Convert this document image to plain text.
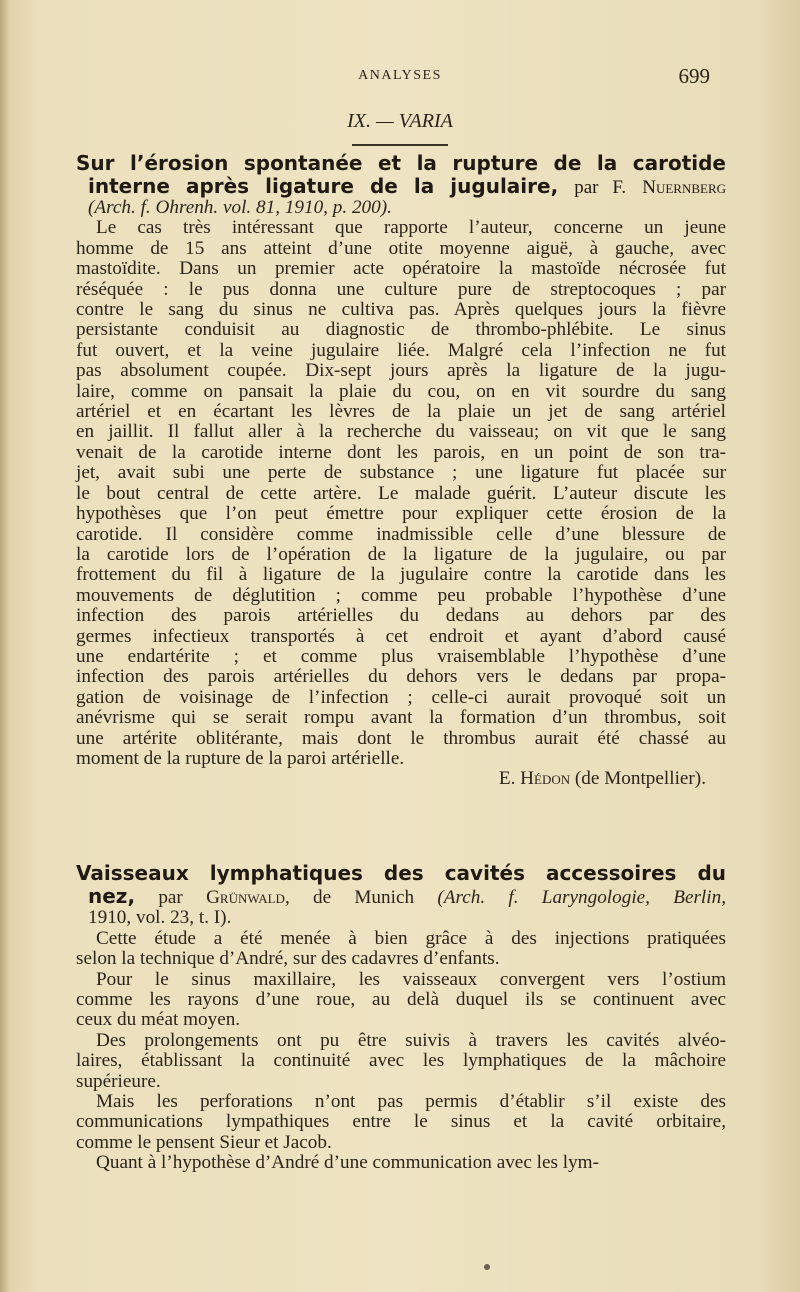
ANALYSES	699
IX. — VARIA
Sur l’érosion spontanée et la rupture de la carotide
interne après ligature de la jugulaire, par F. Nuernberg
(Arch. f. Ohrenh. vol. 81, 1910, p. 200).
Le cas très intéressant que rapporte l’auteur, concerne un jeune
homme de 15 ans atteint d’une otite moyenne aiguë, à gauche, avec
mastoïdite. Dans un premier acte opératoire la mastoïde nécrosée fut
réséquée : le pus donna une culture pure de streptocoques ; par
contre le sang du sinus ne cultiva pas. Après quelques jours la fièvre
persistante conduisit au diagnostic de thrombo-phlébite. Le sinus
fut ouvert, et la veine jugulaire liée. Malgré cela l’infection ne fut
pas absolument coupée. Dix-sept jours après la ligature de la jugu-
laire, comme on pansait la plaie du cou, on en vit sourdre du sang
artériel et en écartant les lèvres de la plaie un jet de sang artériel
en jaillit. Il fallut aller à la recherche du vaisseau; on vit que le sang
venait de la carotide interne dont les parois, en un point de son tra-
jet, avait subi une perte de substance ; une ligature fut placée sur
le bout central de cette artère. Le malade guérit. L’auteur discute les
hypothèses que l’on peut émettre pour expliquer cette érosion de la
carotide. Il considère comme inadmissible celle d’une blessure de
la carotide lors de l’opération de la ligature de la jugulaire, ou par
frottement du fil à ligature de la jugulaire contre la carotide dans les
mouvements de déglutition ; comme peu probable l’hypothèse d’une
infection des parois artérielles du dedans au dehors par des
germes infectieux transportés à cet endroit et ayant d’abord causé
une endartérite ; et comme plus vraisemblable l’hypothèse d’une
infection des parois artérielles du dehors vers le dedans par propa-
gation de voisinage de l’infection ; celle-ci aurait provoqué soit un
anévrisme qui se serait rompu avant la formation d’un thrombus, soit
une artérite oblitérante, mais dont le thrombus aurait été chassé au
moment de la rupture de la paroi artérielle.
E. Hédon (de Montpellier).
Vaisseaux lymphatiques des cavités accessoires du
nez, par Grünwald, de Munich (Arch. f. Laryngologie, Berlin,
1910, vol. 23, t. I).
Cette étude a été menée à bien grâce à des injections pratiquées
selon la technique d’André, sur des cadavres d’enfants.
Pour le sinus maxillaire, les vaisseaux convergent vers l’ostium
comme les rayons d’une roue, au delà duquel ils se continuent avec
ceux du méat moyen.
Des prolongements ont pu être suivis à travers les cavités alvéo-
laires, établissant la continuité avec les lymphatiques de la mâchoire
supérieure.
Mais les perforations n’ont pas permis d’établir s’il existe des
communications lympathiques entre le sinus et la cavité orbitaire,
comme le pensent Sieur et Jacob.
Quant à l’hypothèse d’André d’une communication avec les lym-
